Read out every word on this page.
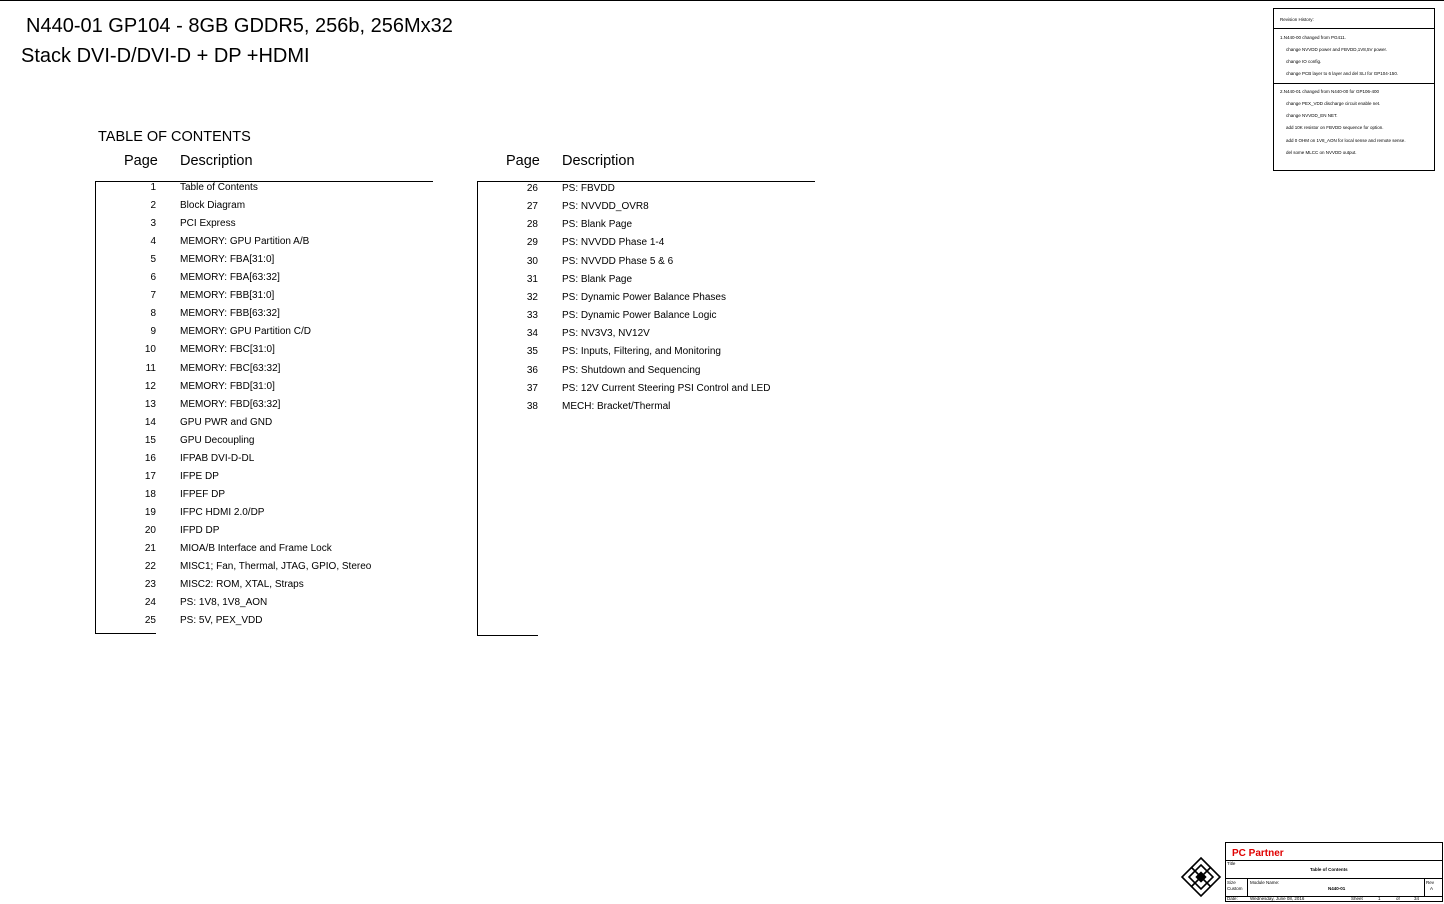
N440-01 GP104 - 8GB GDDR5, 256b, 256Mx32
Stack DVI-D/DVI-D + DP +HDMI
TABLE OF CONTENTS
Page Description	Page Description
1 Table of Contents
2 Block Diagram
3 PCI Express
4 MEMORY: GPU Partition A/B
5 MEMORY: FBA[31:0]
6 MEMORY: FBA[63:32]
7 MEMORY: FBB[31:0]
8 MEMORY: FBB[63:32]
9 MEMORY: GPU Partition C/D
10 MEMORY: FBC[31:0]
11 MEMORY: FBC[63:32]
12 MEMORY: FBD[31:0]
13 MEMORY: FBD[63:32]
14 GPU PWR and GND
15 GPU Decoupling
16 IFPAB DVI-D-DL
17 IFPE DP
18 IFPEF DP
19 IFPC HDMI 2.0/DP
20 IFPD DP
21 MIOA/B Interface and Frame Lock
22 MISC1; Fan, Thermal, JTAG, GPIO, Stereo
23 MISC2: ROM, XTAL, Straps
24 PS: 1V8, 1V8_AON
25 PS: 5V, PEX_VDD
26 PS: FBVDD
27 PS: NVVDD_OVR8
28 PS: Blank Page
29 PS: NVVDD Phase 1-4
30 PS: NVVDD Phase 5 & 6
31 PS: Blank Page
32 PS: Dynamic Power Balance Phases
33 PS: Dynamic Power Balance Logic
34 PS: NV3V3, NV12V
35 PS: Inputs, Filtering, and Monitoring
36 PS: Shutdown and Sequencing
37 PS: 12V Current Steering PSI Control and LED
38 MECH: Bracket/Thermal
Revision History:
1.N440-00 changed from PG411.
change NVVDD power and FBVDD,1V8,5V power.
change IO config.
change PCB layer to 6 layer and del SLI for GP104-150.
2.N440-01 changed from N440-00 for GP106-400
change PEX_VDD discharge circuit enable net.
change NVVDD_EN NET.
add 10K resistor on FBVDD sequence for option.
add 0 OHM on 1V8_AON for local sense and remote sense.
del some MLCC on NVVDD output.
PC Partner
Title
Table of Contents
Size
Custom
Module Name:
N440-01
Rev
A
Date:	Wednesday, June 08, 2016	Sheet	1	of	34
